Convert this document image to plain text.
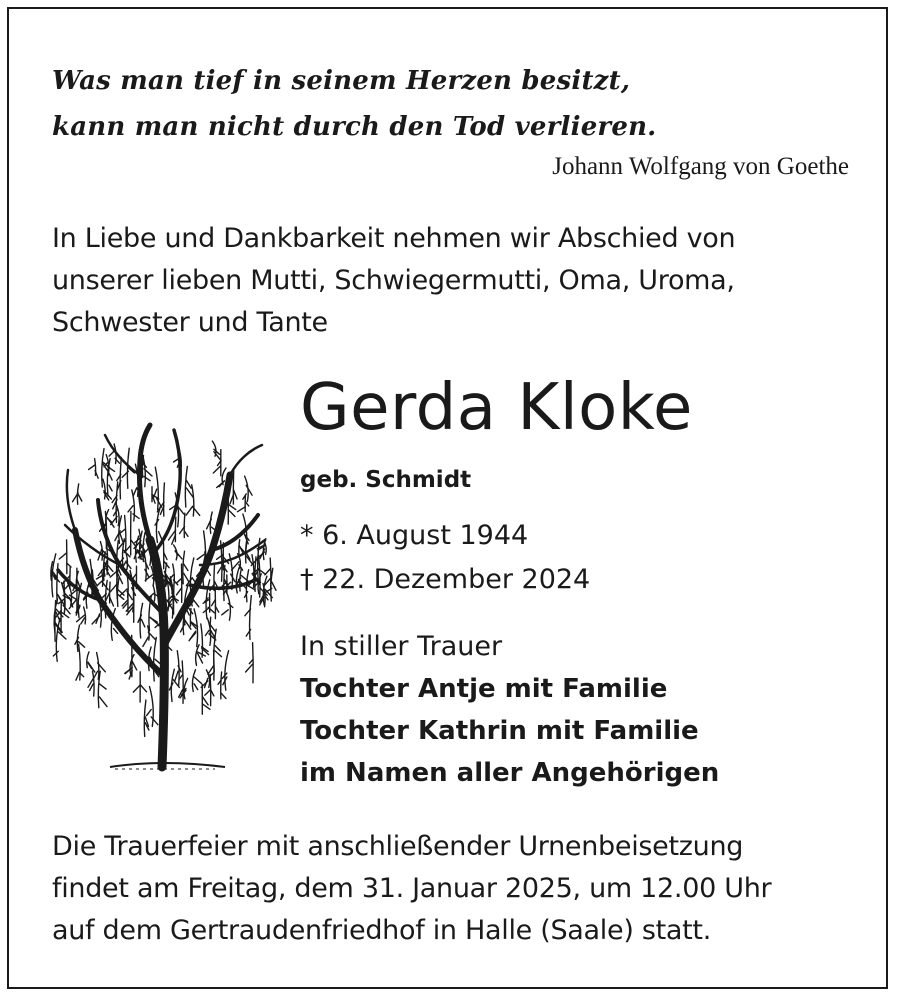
Was man tief in seinem Herzen besitzt,
kann man nicht durch den Tod verlieren.
Johann Wolfgang von Goethe
In Liebe und Dankbarkeit nehmen wir Abschied von
unserer lieben Mutti, Schwiegermutti, Oma, Uroma,
Schwester und Tante
Gerda Kloke
geb. Schmidt
* 6. August 1944
† 22. Dezember 2024
In stiller Trauer
Tochter Antje mit Familie
Tochter Kathrin mit Familie
im Namen aller Angehörigen
Die Trauerfeier mit anschließender Urnenbeisetzung
findet am Freitag, dem 31. Januar 2025, um 12.00 Uhr
auf dem Gertraudenfriedhof in Halle (Saale) statt.
